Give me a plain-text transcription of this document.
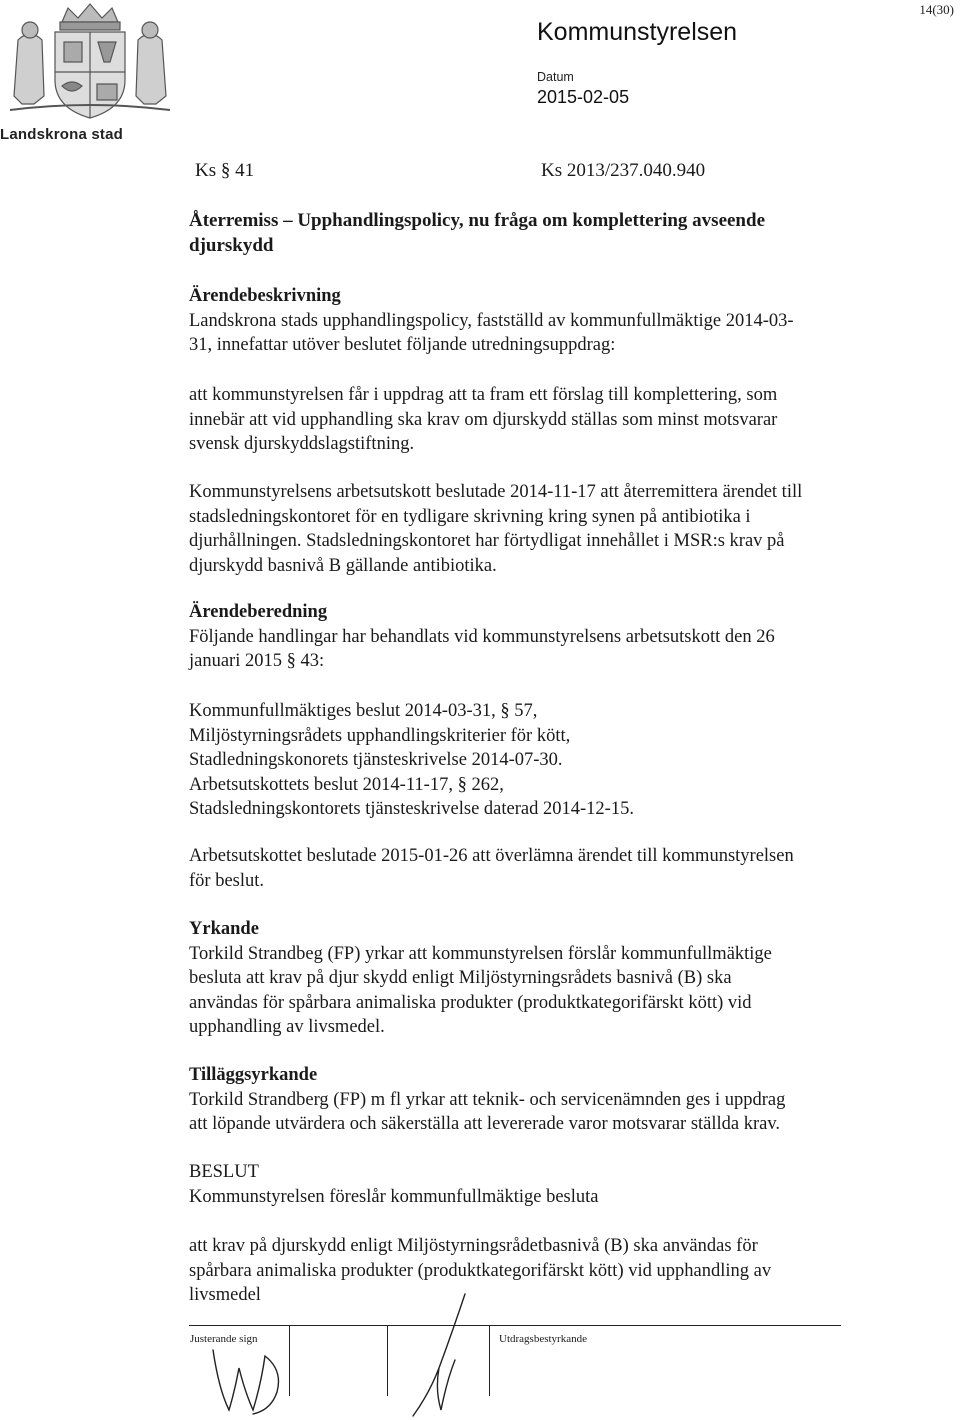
Landskrona stad
Kommunstyrelsen
Datum
2015-02-05
14(30)
Ks § 41	Ks 2013/237.040.940

Återremiss – Upphandlingspolicy, nu fråga om komplettering avseende

djurskydd

Ärendebeskrivning

Landskrona stads upphandlingspolicy, fastställd av kommunfullmäktige 2014-03-

31, innefattar utöver beslutet följande utredningsuppdrag:

att kommunstyrelsen får i uppdrag att ta fram ett förslag till komplettering, som

innebär att vid upphandling ska krav om djurskydd ställas som minst motsvarar

svensk djurskyddslagstiftning.

Kommunstyrelsens arbetsutskott beslutade 2014-11-17 att återremittera ärendet till

stadsledningskontoret för en tydligare skrivning kring synen på antibiotika i

djurhållningen. Stadsledningskontoret har förtydligat innehållet i MSR:s krav på

djurskydd basnivå B gällande antibiotika.

Ärendeberedning

Följande handlingar har behandlats vid kommunstyrelsens arbetsutskott den 26

januari 2015 § 43:

Kommunfullmäktiges beslut 2014-03-31, § 57,

Miljöstyrningsrådets upphandlingskriterier för kött,

Stadledningskonorets tjänsteskrivelse 2014-07-30.

Arbetsutskottets beslut 2014-11-17, § 262,

Stadsledningskontorets tjänsteskrivelse daterad 2014-12-15.

Arbetsutskottet beslutade 2015-01-26 att överlämna ärendet till kommunstyrelsen

för beslut.

Yrkande

Torkild Strandbeg (FP) yrkar att kommunstyrelsen förslår kommunfullmäktige

besluta att krav på djur skydd enligt Miljöstyrningsrådets basnivå (B) ska

användas för spårbara animaliska produkter (produktkategorifärskt kött) vid

upphandling av livsmedel.

Tilläggsyrkande

Torkild Strandberg (FP) m fl yrkar att teknik- och servicenämnden ges i uppdrag

att löpande utvärdera och säkerställa att levererade varor motsvarar ställda krav.

BESLUT

Kommunstyrelsen föreslår kommunfullmäktige besluta

att krav på djurskydd enligt Miljöstyrningsrådetbasnivå (B) ska användas för

spårbara animaliska produkter (produktkategorifärskt kött) vid upphandling av

livsmedel

Justerande sign	Utdragsbestyrkande
